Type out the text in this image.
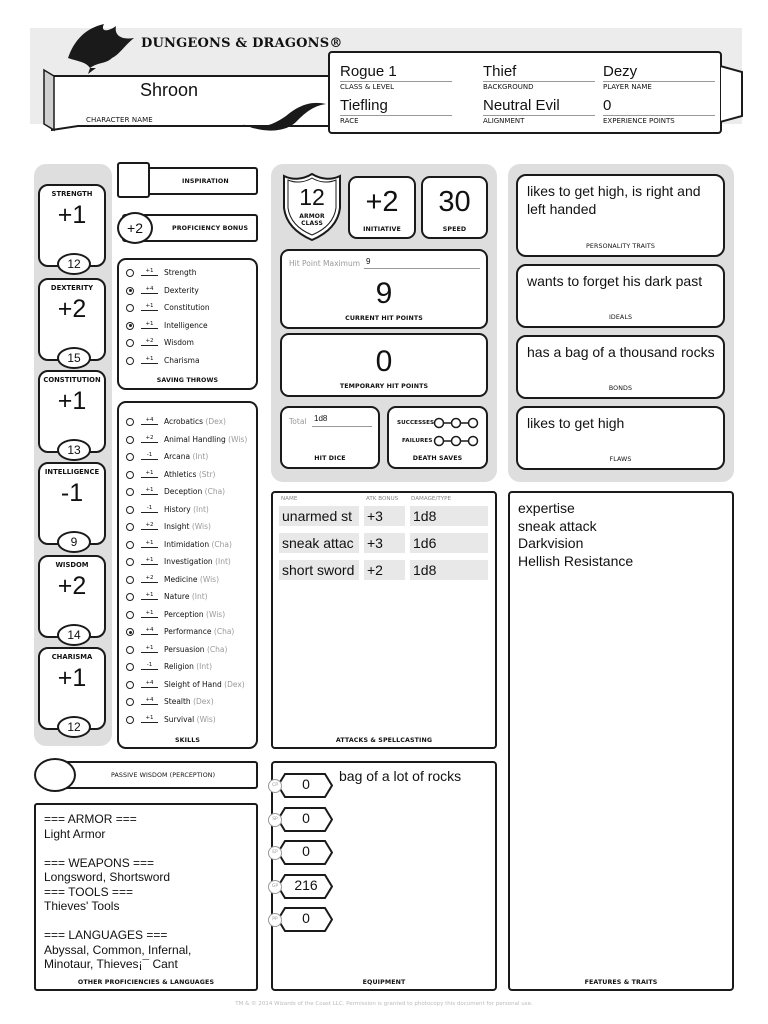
DUNGEONS & DRAGONS®
Shroon
CHARACTER NAME
Rogue 1
CLASS & LEVEL
Thief
BACKGROUND
Dezy
PLAYER NAME
Tiefling
RACE
Neutral Evil
ALIGNMENT
0
EXPERIENCE POINTS
STRENGTH
+1
12
DEXTERITY
+2
15
CONSTITUTION
+1
13
INTELLIGENCE
-1
9
WISDOM
+2
14
CHARISMA
+1
12
INSPIRATION
PROFICIENCY BONUS
+2
SAVING THROWS
+1	Strength
+4	Dexterity
+1	Constitution
+1	Intelligence
+2	Wisdom
+1	Charisma
SKILLS
+4	Acrobatics (Dex)
+2	Animal Handling (Wis)
-1	Arcana (Int)
+1	Athletics (Str)
+1	Deception (Cha)
-1	History (Int)
+2	Insight (Wis)
+1	Intimidation (Cha)
+1	Investigation (Int)
+2	Medicine (Wis)
+1	Nature (Int)
+1	Perception (Wis)
+4	Performance (Cha)
+1	Persuasion (Cha)
-1	Religion (Int)
+4	Sleight of Hand (Dex)
+4	Stealth (Dex)
+1	Survival (Wis)
PASSIVE WISDOM (PERCEPTION)
OTHER PROFICIENCIES & LANGUAGES
=== ARMOR ===
Light Armor
=== WEAPONS ===
Longsword, Shortsword
=== TOOLS ===
Thieves' Tools
=== LANGUAGES ===
Abyssal, Common, Infernal,
Minotaur, Thieves¡¯ Cant
12
ARMOR CLASS
+2
INITIATIVE
30
SPEED
Hit Point Maximum 9
9
CURRENT HIT POINTS
0
TEMPORARY HIT POINTS
Total 1d8
HIT DICE
SUCCESSES
FAILURES
DEATH SAVES
ATTACKS & SPELLCASTING
NAME	ATK BONUS DAMAGE/TYPE
unarmed st	+3	1d8
sneak attac +3	1d6
short sword +2	1d8
EQUIPMENT
CP	0
SP	0
EP	0
GP	216
PP	0
bag of a lot of rocks
likes to get high, is right and left handed
PERSONALITY TRAITS
wants to forget his dark past
IDEALS
has a bag of a thousand rocks
BONDS
likes to get high
FLAWS
FEATURES & TRAITS
expertise
sneak attack
Darkvision
Hellish Resistance
TM & © 2014 Wizards of the Coast LLC. Permission is granted to photocopy this document for personal use.
